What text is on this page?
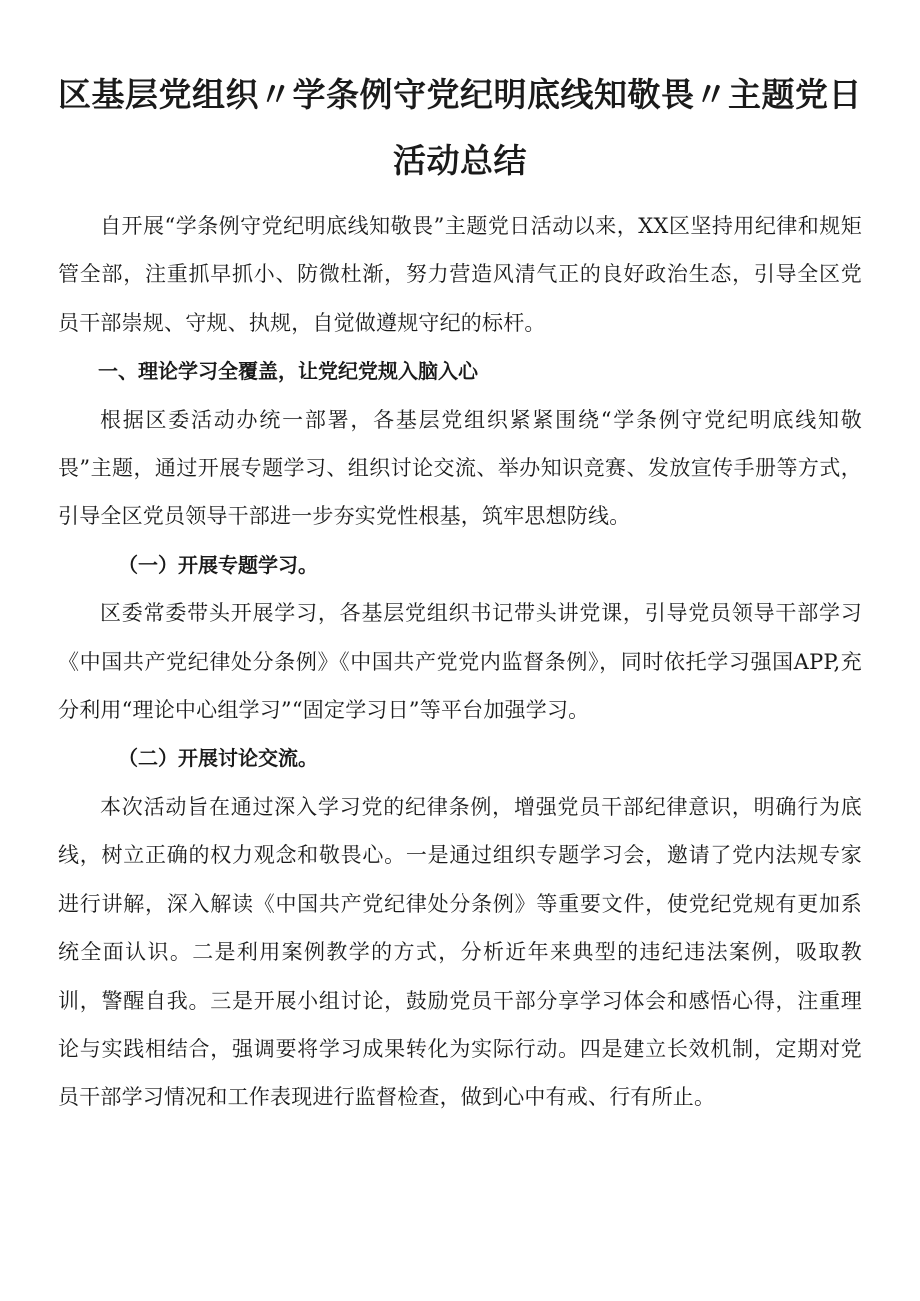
区基层党组织〃学条例守党纪明底线知敬畏〃主题党日
活动总结

自开展“学条例守党纪明底线知敬畏”主题党日活动以来，XX区坚持用纪律和规矩管全部，注重抓早抓小、防微杜渐，努力营造风清气正的良好政治生态，引导全区党员干部崇规、守规、执规，自觉做遵规守纪的标杆。

一、理论学习全覆盖，让党纪党规入脑入心

根据区委活动办统一部署，各基层党组织紧紧围绕“学条例守党纪明底线知敬畏”主题，通过开展专题学习、组织讨论交流、举办知识竞赛、发放宣传手册等方式，引导全区党员领导干部进一步夯实党性根基，筑牢思想防线。

（一）开展专题学习。

区委常委带头开展学习，各基层党组织书记带头讲党课，引导党员领导干部学习《中国共产党纪律处分条例》《中国共产党党内监督条例》，同时依托学习强国APP,充分利用“理论中心组学习”“固定学习日”等平台加强学习。

（二）开展讨论交流。

本次活动旨在通过深入学习党的纪律条例，增强党员干部纪律意识，明确行为底线，树立正确的权力观念和敬畏心。一是通过组织专题学习会，邀请了党内法规专家进行讲解，深入解读《中国共产党纪律处分条例》等重要文件，使党纪党规有更加系统全面认识。二是利用案例教学的方式，分析近年来典型的违纪违法案例，吸取教训，警醒自我。三是开展小组讨论，鼓励党员干部分享学习体会和感悟心得，注重理论与实践相结合，强调要将学习成果转化为实际行动。四是建立长效机制，定期对党员干部学习情况和工作表现进行监督检查，做到心中有戒、行有所止。
